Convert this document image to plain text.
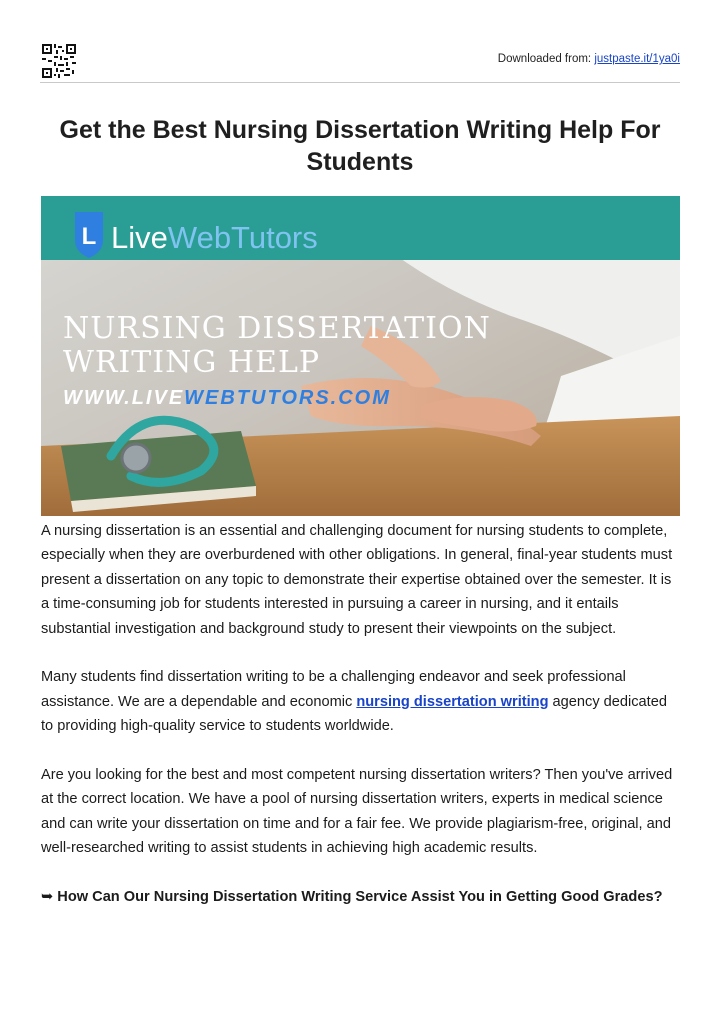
Downloaded from: justpaste.it/1ya0i
Get the Best Nursing Dissertation Writing Help For Students
L LiveWebTutors
NURSING DISSERTATION
WRITING HELP
WWW.LIVEWEBTUTORS.COM

A nursing dissertation is an essential and challenging document for nursing students to complete, especially when they are overburdened with other obligations. In general, final-year students must present a dissertation on any topic to demonstrate their expertise obtained over the semester. It is a time-consuming job for students interested in pursuing a career in nursing, and it entails substantial investigation and background study to present their viewpoints on the subject.

Many students find dissertation writing to be a challenging endeavor and seek professional assistance. We are a dependable and economic nursing dissertation writing agency dedicated to providing high-quality service to students worldwide.

Are you looking for the best and most competent nursing dissertation writers? Then you've arrived at the correct location. We have a pool of nursing dissertation writers, experts in medical science and can write your dissertation on time and for a fair fee. We provide plagiarism-free, original, and well-researched writing to assist students in achieving high academic results.

➥ How Can Our Nursing Dissertation Writing Service Assist You in Getting Good Grades?
